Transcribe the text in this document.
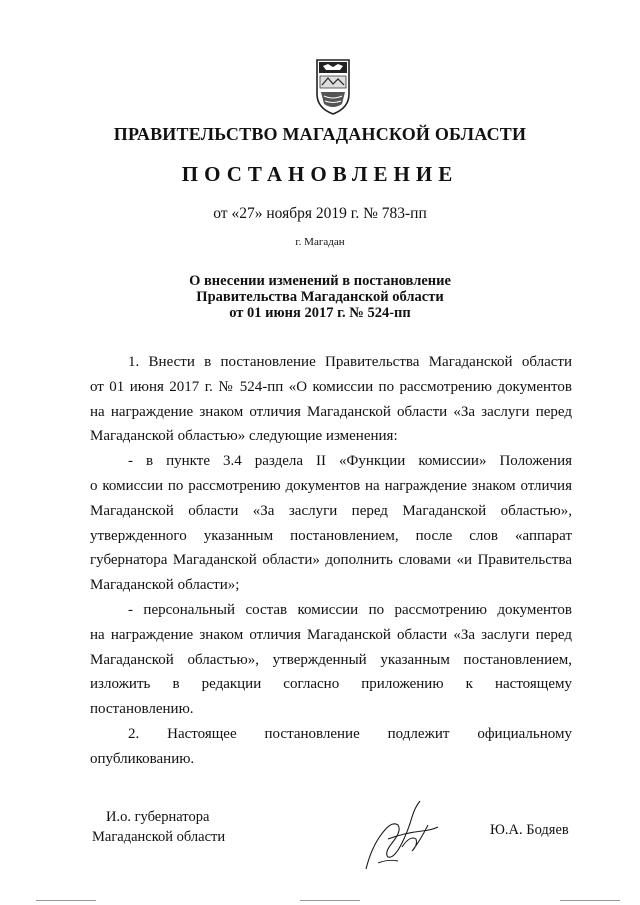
ПРАВИТЕЛЬСТВО МАГАДАНСКОЙ ОБЛАСТИ
ПОСТАНОВЛЕНИЕ
от «27» ноября 2019 г. № 783-пп
г. Магадан
О внесении изменений в постановление
Правительства Магаданской области
от 01 июня 2017 г. № 524-пп
1. Внести в постановление Правительства Магаданской области
от 01 июня 2017 г. № 524-пп «О комиссии по рассмотрению документов
на награждение знаком отличия Магаданской области «За заслуги перед
Магаданской областью» следующие изменения:
- в пункте 3.4 раздела II «Функции комиссии» Положения
о комиссии по рассмотрению документов на награждение знаком отличия
Магаданской области «За заслуги перед Магаданской областью»,
утвержденного указанным постановлением, после слов «аппарат
губернатора Магаданской области» дополнить словами «и Правительства
Магаданской области»;
- персональный состав комиссии по рассмотрению документов
на награждение знаком отличия Магаданской области «За заслуги перед
Магаданской областью», утвержденный указанным постановлением,
изложить в редакции согласно приложению к настоящему
постановлению.
2. Настоящее постановление подлежит официальному
опубликованию.
И.о. губернатора
Магаданской области	Ю.А. Бодяев
